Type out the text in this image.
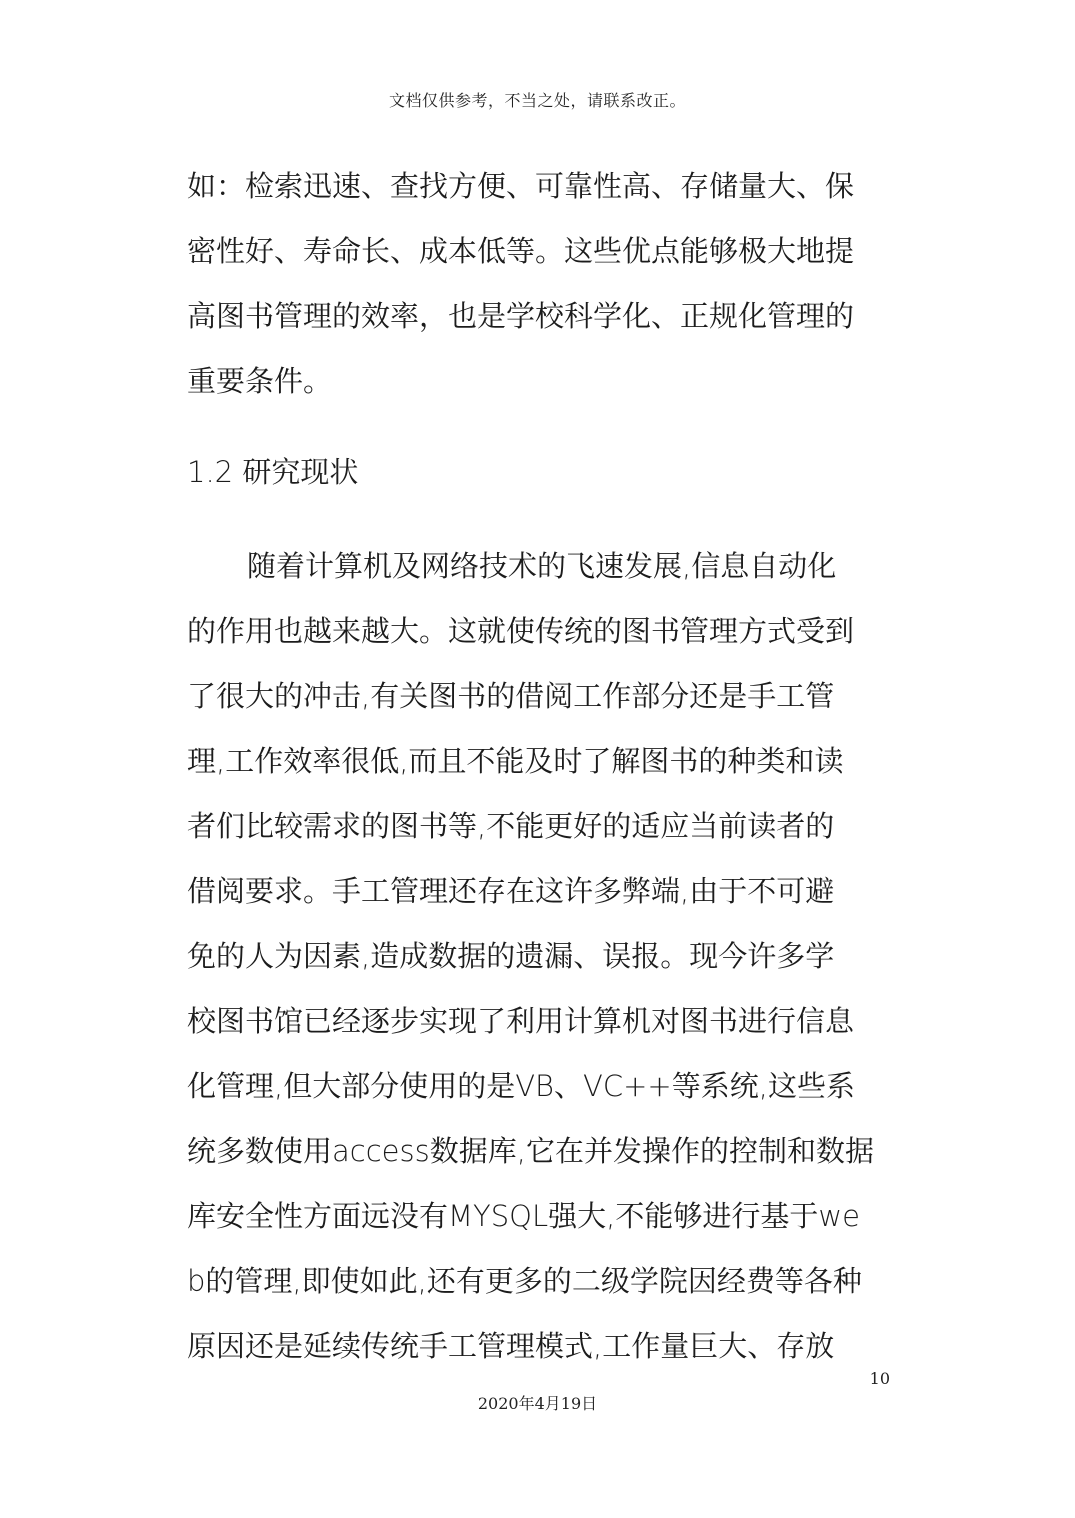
文档仅供参考，不当之处，请联系改正。
如：检索迅速、查找方便、可靠性高、存储量大、保
密性好、寿命长、成本低等。这些优点能够极大地提
高图书管理的效率，也是学校科学化、正规化管理的
重要条件。
1.2 研究现状
随着计算机及网络技术的飞速发展,信息自动化
的作用也越来越大。这就使传统的图书管理方式受到
了很大的冲击,有关图书的借阅工作部分还是手工管
理,工作效率很低,而且不能及时了解图书的种类和读
者们比较需求的图书等,不能更好的适应当前读者的
借阅要求。手工管理还存在这许多弊端,由于不可避
免的人为因素,造成数据的遗漏、误报。现今许多学
校图书馆已经逐步实现了利用计算机对图书进行信息
化管理,但大部分使用的是VB、VC++等系统,这些系
统多数使用access数据库,它在并发操作的控制和数据
库安全性方面远没有MYSQL强大,不能够进行基于we
b的管理,即使如此,还有更多的二级学院因经费等各种
原因还是延续传统手工管理模式,工作量巨大、存放
10
2020年4月19日
